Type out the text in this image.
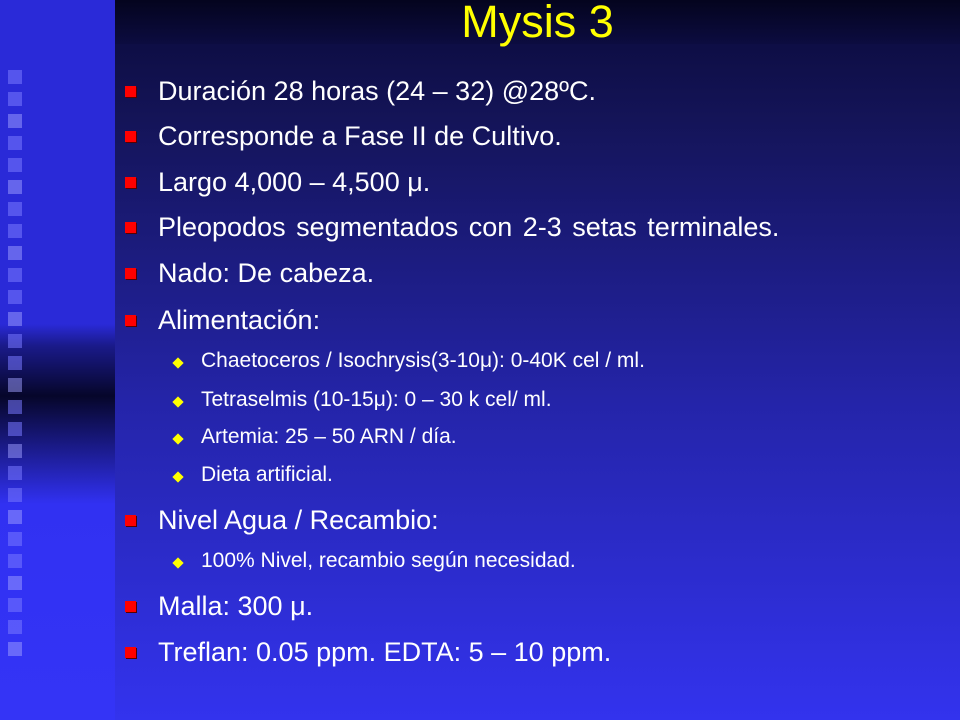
Mysis 3
Duración 28 horas (24 – 32) @28ºC.
Corresponde a Fase II de Cultivo.
Largo 4,000 – 4,500 μ.
Pleopodos segmentados con 2-3 setas terminales.
Nado: De cabeza.
Alimentación:
Chaetoceros / Isochrysis(3-10μ): 0-40K cel / ml.
Tetraselmis (10-15μ): 0 – 30 k cel/ ml.
Artemia: 25 – 50 ARN / día.
Dieta artificial.
Nivel Agua / Recambio:
100% Nivel, recambio según necesidad.
Malla: 300 μ.
Treflan: 0.05 ppm. EDTA: 5 – 10 ppm.
